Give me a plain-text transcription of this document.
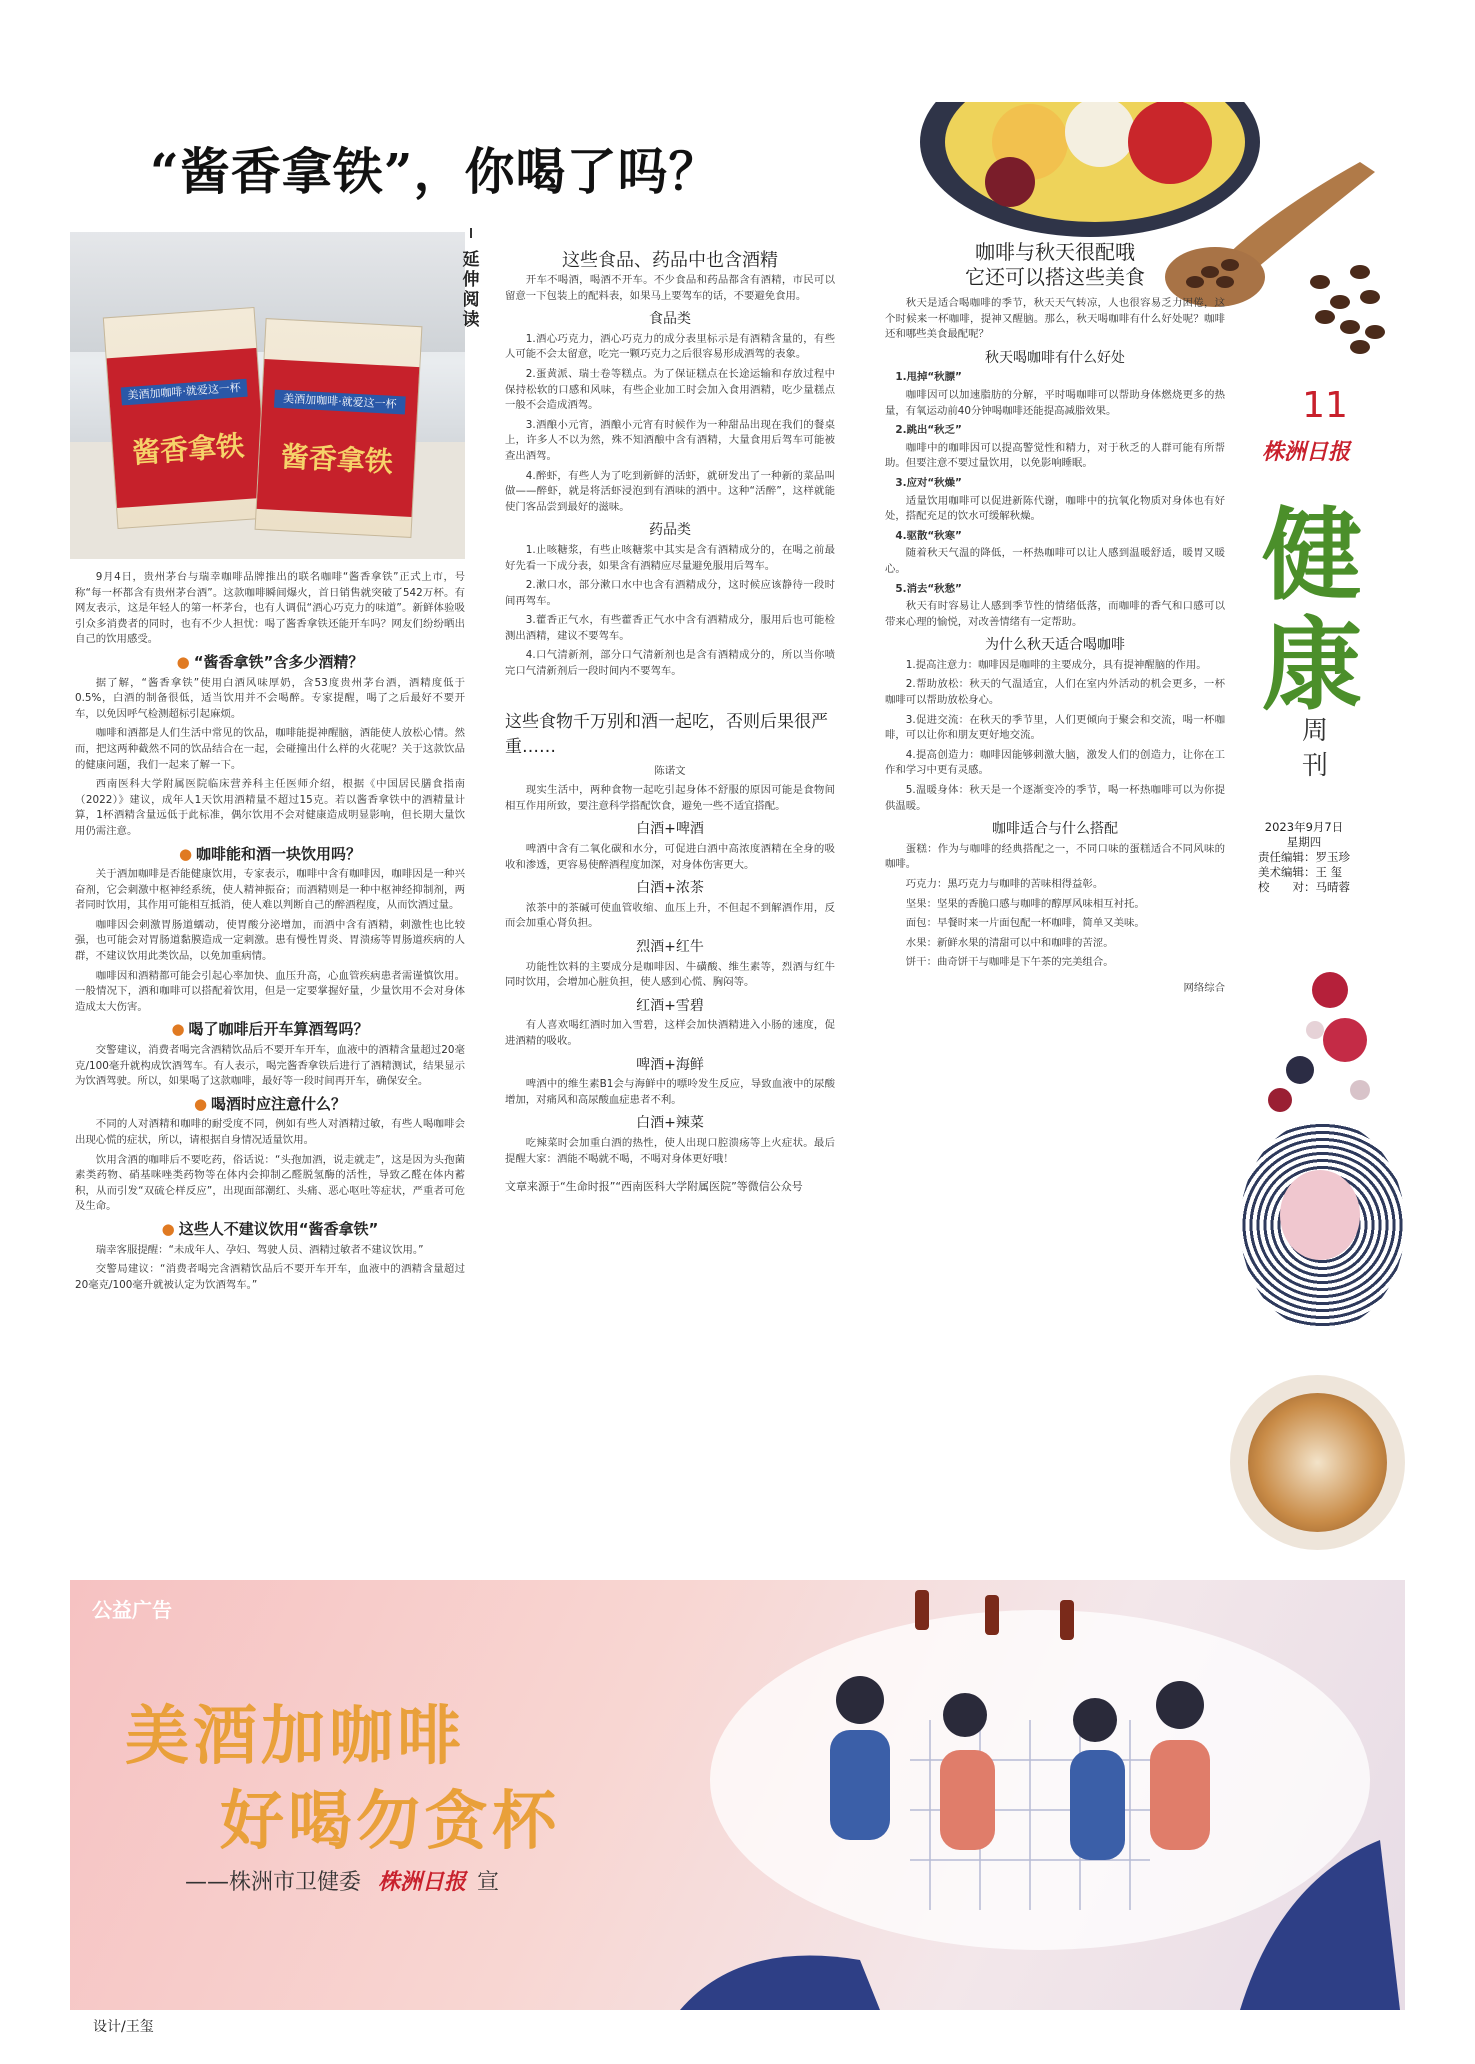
“酱香拿铁”，你喝了吗？
美酒加咖啡·就爱这一杯
酱香拿铁
美酒加咖啡·就爱这一杯
酱香拿铁
延
伸
阅
读

9月4日，贵州茅台与瑞幸咖啡品牌推出的联名咖啡“酱香拿铁”正式上市，号称“每一杯都含有贵州茅台酒”。这款咖啡瞬间爆火，首日销售就突破了542万杯。有网友表示，这是年轻人的第一杯茅台，也有人调侃“酒心巧克力的味道”。新鲜体验吸引众多消费者的同时，也有不少人担忧：喝了酱香拿铁还能开车吗？网友们纷纷晒出自己的饮用感受。

● “酱香拿铁”含多少酒精？

据了解，“酱香拿铁”使用白酒风味厚奶，含53度贵州茅台酒，酒精度低于0.5%，白酒的制备很低，适当饮用并不会喝醉。专家提醒，喝了之后最好不要开车，以免因呼气检测超标引起麻烦。

咖啡和酒都是人们生活中常见的饮品，咖啡能提神醒脑，酒能使人放松心情。然而，把这两种截然不同的饮品结合在一起，会碰撞出什么样的火花呢？关于这款饮品的健康问题，我们一起来了解一下。

西南医科大学附属医院临床营养科主任医师介绍，根据《中国居民膳食指南（2022）》建议，成年人1天饮用酒精量不超过15克。若以酱香拿铁中的酒精量计算，1杯酒精含量远低于此标准，偶尔饮用不会对健康造成明显影响，但长期大量饮用仍需注意。

● 咖啡能和酒一块饮用吗？

关于酒加咖啡是否能健康饮用，专家表示，咖啡中含有咖啡因，咖啡因是一种兴奋剂，它会刺激中枢神经系统，使人精神振奋；而酒精则是一种中枢神经抑制剂，两者同时饮用，其作用可能相互抵消，使人难以判断自己的醉酒程度，从而饮酒过量。

咖啡因会刺激胃肠道蠕动，使胃酸分泌增加，而酒中含有酒精，刺激性也比较强，也可能会对胃肠道黏膜造成一定刺激。患有慢性胃炎、胃溃疡等胃肠道疾病的人群，不建议饮用此类饮品，以免加重病情。

咖啡因和酒精都可能会引起心率加快、血压升高，心血管疾病患者需谨慎饮用。一般情况下，酒和咖啡可以搭配着饮用，但是一定要掌握好量，少量饮用不会对身体造成太大伤害。

● 喝了咖啡后开车算酒驾吗？

交警建议，消费者喝完含酒精饮品后不要开车开车，血液中的酒精含量超过20毫克/100毫升就构成饮酒驾车。有人表示，喝完酱香拿铁后进行了酒精测试，结果显示为饮酒驾驶。所以，如果喝了这款咖啡，最好等一段时间再开车，确保安全。

● 喝酒时应注意什么？

不同的人对酒精和咖啡的耐受度不同，例如有些人对酒精过敏，有些人喝咖啡会出现心慌的症状，所以，请根据自身情况适量饮用。

饮用含酒的咖啡后不要吃药，俗话说：“头孢加酒，说走就走”，这是因为头孢菌素类药物、硝基咪唑类药物等在体内会抑制乙醛脱氢酶的活性，导致乙醛在体内蓄积，从而引发“双硫仑样反应”，出现面部潮红、头痛、恶心呕吐等症状，严重者可危及生命。

● 这些人不建议饮用“酱香拿铁”

瑞幸客服提醒：“未成年人、孕妇、驾驶人员、酒精过敏者不建议饮用。”

交警局建议：“消费者喝完含酒精饮品后不要开车开车，血液中的酒精含量超过20毫克/100毫升就被认定为饮酒驾车。”

这些食品、药品中也含酒精

开车不喝酒，喝酒不开车。不少食品和药品都含有酒精，市民可以留意一下包装上的配料表，如果马上要驾车的话，不要避免食用。

食品类

1.酒心巧克力，酒心巧克力的成分表里标示是有酒精含量的，有些人可能不会太留意，吃完一颗巧克力之后很容易形成酒驾的表象。

2.蛋黄派、瑞士卷等糕点。为了保证糕点在长途运输和存放过程中保持松软的口感和风味，有些企业加工时会加入食用酒精，吃少量糕点一般不会造成酒驾。

3.酒酿小元宵，酒酿小元宵有时候作为一种甜品出现在我们的餐桌上，许多人不以为然，殊不知酒酿中含有酒精，大量食用后驾车可能被查出酒驾。

4.醉虾，有些人为了吃到新鲜的活虾，就研发出了一种新的菜品叫做——醉虾，就是将活虾浸泡到有酒味的酒中。这种“活醉”，这样就能使门客品尝到最好的滋味。

药品类

1.止咳糖浆，有些止咳糖浆中其实是含有酒精成分的，在喝之前最好先看一下成分表，如果含有酒精应尽量避免服用后驾车。

2.漱口水，部分漱口水中也含有酒精成分，这时候应该静待一段时间再驾车。

3.藿香正气水，有些藿香正气水中含有酒精成分，服用后也可能检测出酒精，建议不要驾车。

4.口气清新剂，部分口气清新剂也是含有酒精成分的，所以当你喷完口气清新剂后一段时间内不要驾车。

这些食物千万别和酒一起吃，否则后果很严重……
陈诺文

现实生活中，两种食物一起吃引起身体不舒服的原因可能是食物间相互作用所致，要注意科学搭配饮食，避免一些不适宜搭配。

白酒+啤酒

啤酒中含有二氧化碳和水分，可促进白酒中高浓度酒精在全身的吸收和渗透，更容易使醉酒程度加深，对身体伤害更大。

白酒+浓茶

浓茶中的茶碱可使血管收缩、血压上升，不但起不到解酒作用，反而会加重心肾负担。

烈酒+红牛

功能性饮料的主要成分是咖啡因、牛磺酸、维生素等，烈酒与红牛同时饮用，会增加心脏负担，使人感到心慌、胸闷等。

红酒+雪碧

有人喜欢喝红酒时加入雪碧，这样会加快酒精进入小肠的速度，促进酒精的吸收。

啤酒+海鲜

啤酒中的维生素B1会与海鲜中的嘌呤发生反应，导致血液中的尿酸增加，对痛风和高尿酸血症患者不利。

白酒+辣菜

吃辣菜时会加重白酒的热性，使人出现口腔溃疡等上火症状。最后提醒大家：酒能不喝就不喝，不喝对身体更好哦！

文章来源于“生命时报”“西南医科大学附属医院”等微信公众号
咖啡与秋天很配哦
它还可以搭这些美食

秋天是适合喝咖啡的季节，秋天天气转凉，人也很容易乏力困倦，这个时候来一杯咖啡，提神又醒脑。那么，秋天喝咖啡有什么好处呢？咖啡还和哪些美食最配呢？

秋天喝咖啡有什么好处

1.甩掉“秋膘”

咖啡因可以加速脂肪的分解，平时喝咖啡可以帮助身体燃烧更多的热量，有氧运动前40分钟喝咖啡还能提高减脂效果。

2.跳出“秋乏”

咖啡中的咖啡因可以提高警觉性和精力，对于秋乏的人群可能有所帮助。但要注意不要过量饮用，以免影响睡眠。

3.应对“秋燥”

适量饮用咖啡可以促进新陈代谢，咖啡中的抗氧化物质对身体也有好处，搭配充足的饮水可缓解秋燥。

4.驱散“秋寒”

随着秋天气温的降低，一杯热咖啡可以让人感到温暖舒适，暖胃又暖心。

5.消去“秋愁”

秋天有时容易让人感到季节性的情绪低落，而咖啡的香气和口感可以带来心理的愉悦，对改善情绪有一定帮助。

为什么秋天适合喝咖啡

1.提高注意力：咖啡因是咖啡的主要成分，具有提神醒脑的作用。

2.帮助放松：秋天的气温适宜，人们在室内外活动的机会更多，一杯咖啡可以帮助放松身心。

3.促进交流：在秋天的季节里，人们更倾向于聚会和交流，喝一杯咖啡，可以让你和朋友更好地交流。

4.提高创造力：咖啡因能够刺激大脑，激发人们的创造力，让你在工作和学习中更有灵感。

5.温暖身体：秋天是一个逐渐变冷的季节，喝一杯热咖啡可以为你提供温暖。

咖啡适合与什么搭配

蛋糕：作为与咖啡的经典搭配之一，不同口味的蛋糕适合不同风味的咖啡。

巧克力：黑巧克力与咖啡的苦味相得益彰。

坚果：坚果的香脆口感与咖啡的醇厚风味相互衬托。

面包：早餐时来一片面包配一杯咖啡，简单又美味。

水果：新鲜水果的清甜可以中和咖啡的苦涩。

饼干：曲奇饼干与咖啡是下午茶的完美组合。

网络综合
11
株洲日报
健
康
周
刊
2023年9月7日
星期四
责任编辑：罗玉珍
美术编辑：王 玺
校　　对：马晴蓉
公益广告
美酒加咖啡
好喝勿贪杯
——株洲市卫健委 株洲日报 宣
设计/王玺
